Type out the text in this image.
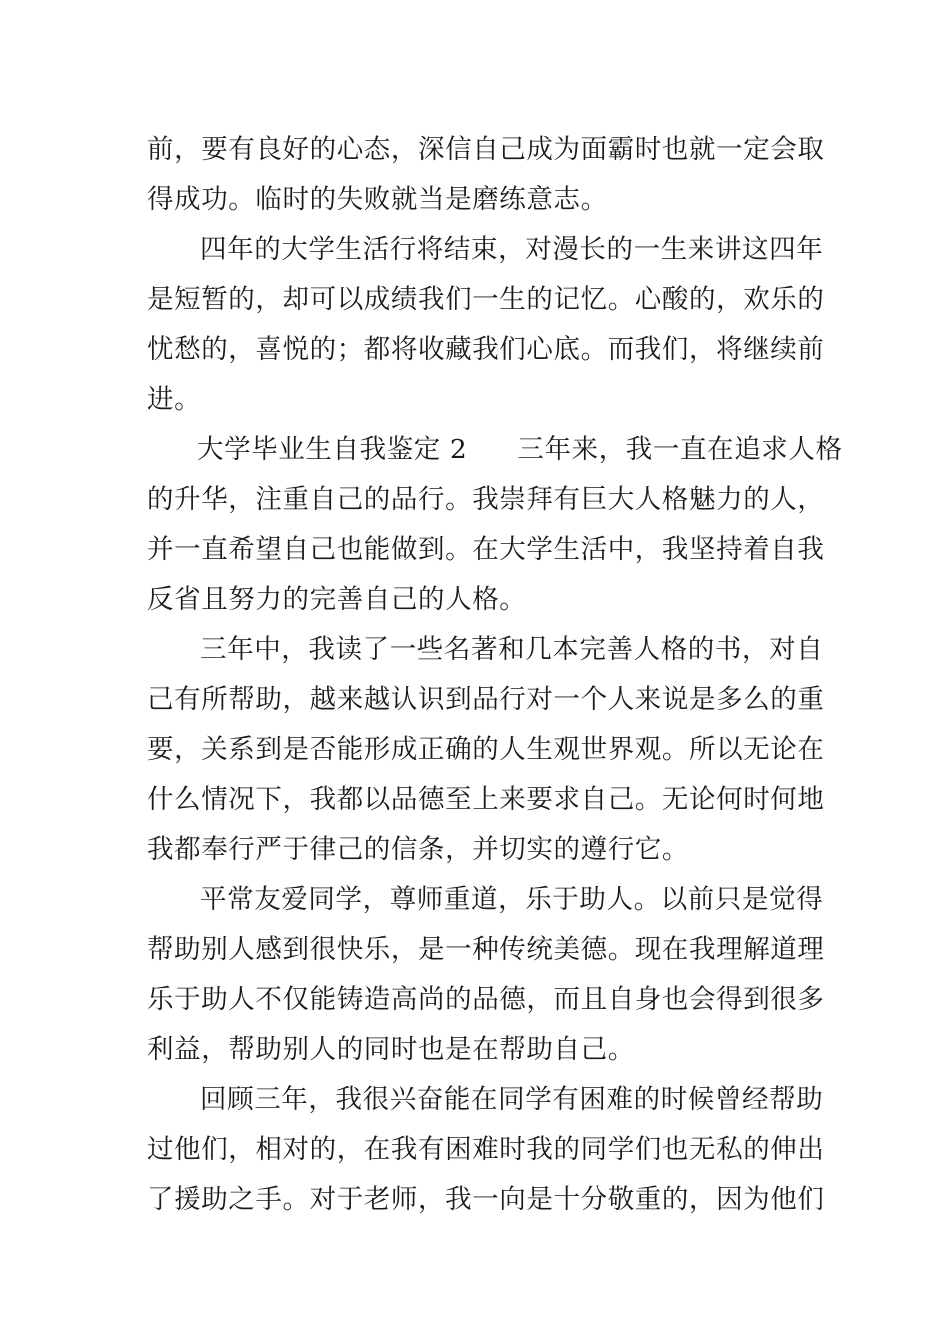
前，要有良好的心态，深信自己成为面霸时也就一定会取
得成功。临时的失败就当是磨练意志。
四年的大学生活行将结束，对漫长的一生来讲这四年
是短暂的，却可以成绩我们一生的记忆。心酸的，欢乐的
忧愁的，喜悦的；都将收藏我们心底。而我们，将继续前
进。
大学毕业生自我鉴定 2 三年来，我一直在追求人格
的升华，注重自己的品行。我崇拜有巨大人格魅力的人，
并一直希望自己也能做到。在大学生活中，我坚持着自我
反省且努力的完善自己的人格。
三年中，我读了一些名著和几本完善人格的书，对自
己有所帮助，越来越认识到品行对一个人来说是多么的重
要，关系到是否能形成正确的人生观世界观。所以无论在
什么情况下，我都以品德至上来要求自己。无论何时何地
我都奉行严于律己的信条，并切实的遵行它。
平常友爱同学，尊师重道，乐于助人。以前只是觉得
帮助别人感到很快乐，是一种传统美德。现在我理解道理
乐于助人不仅能铸造高尚的品德，而且自身也会得到很多
利益，帮助别人的同时也是在帮助自己。
回顾三年，我很兴奋能在同学有困难的时候曾经帮助
过他们，相对的，在我有困难时我的同学们也无私的伸出
了援助之手。对于老师，我一向是十分敬重的，因为他们
